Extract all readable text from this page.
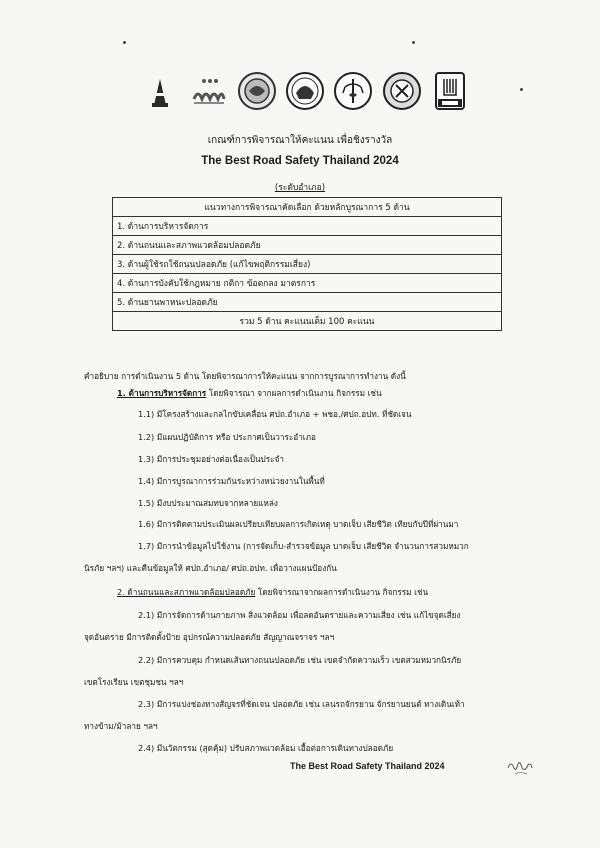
เกณฑ์การพิจารณาให้คะแนน เพื่อชิงรางวัล
The Best Road Safety Thailand 2024
(ระดับอำเภอ)
แนวทางการพิจารณาคัดเลือก ด้วยหลักบูรณาการ 5 ด้าน
1. ด้านการบริหารจัดการ
2. ด้านถนนและสภาพแวดล้อมปลอดภัย
3. ด้านผู้ใช้รถใช้ถนนปลอดภัย (แก้ไขพฤติกรรมเสี่ยง)
4. ด้านการบังคับใช้กฎหมาย กติกา ข้อตกลง มาตรการ
5. ด้านยานพาหนะปลอดภัย
รวม 5 ด้าน คะแนนเต็ม 100 คะแนน
คำอธิบาย การดำเนินงาน 5 ด้าน โดยพิจารณาการให้คะแนน จากการบูรณาการทำงาน ดังนี้
1. ด้านการบริหารจัดการ โดยพิจารณา จากผลการดำเนินงาน กิจกรรม เช่น
1.1) มีโครงสร้างและกลไกขับเคลื่อน ศปถ.อำเภอ + พชอ./ศปถ.อปท. ที่ชัดเจน
1.2) มีแผนปฏิบัติการ หรือ ประกาศเป็นวาระอำเภอ
1.3) มีการประชุมอย่างต่อเนื่องเป็นประจำ
1.4) มีการบูรณาการร่วมกันระหว่างหน่วยงานในพื้นที่
1.5) มีงบประมาณสมทบจากหลายแหล่ง
1.6) มีการติดตามประเมินผลเปรียบเทียบผลการเกิดเหตุ บาดเจ็บ เสียชีวิต เทียบกับปีที่ผ่านมา
1.7) มีการนำข้อมูลไปใช้งาน (การจัดเก็บ-สำรวจข้อมูล บาดเจ็บ เสียชีวิต จำนวนการสวมหมวก
นิรภัย ฯลฯ) และคืนข้อมูลให้ ศปถ.อำเภอ/ ศปถ.อปท. เพื่อวางแผนป้องกัน
2. ด้านถนนและสภาพแวดล้อมปลอดภัย โดยพิจารณาจากผลการดำเนินงาน กิจกรรม เช่น
2.1) มีการจัดการด้านกายภาพ สิ่งแวดล้อม เพื่อลดอันตรายและความเสี่ยง เช่น แก้ไขจุดเสี่ยง
จุดอันตราย มีการติดตั้งป้าย อุปกรณ์ความปลอดภัย สัญญาณจราจร ฯลฯ
2.2) มีการควบคุม กำหนดเส้นทางถนนปลอดภัย เช่น เขตจำกัดความเร็ว เขตสวมหมวกนิรภัย
เขตโรงเรียน เขตชุมชน ฯลฯ
2.3) มีการแบ่งช่องทางสัญจรที่ชัดเจน ปลอดภัย เช่น เลนรถจักรยาน จักรยานยนต์ ทางเดินเท้า
ทางข้าม/ม้าลาย ฯลฯ
2.4) มีนวัตกรรม (สุดคุ้ม) ปรับสภาพแวดล้อม เอื้อต่อการเดินทางปลอดภัย
The Best Road Safety Thailand 2024
